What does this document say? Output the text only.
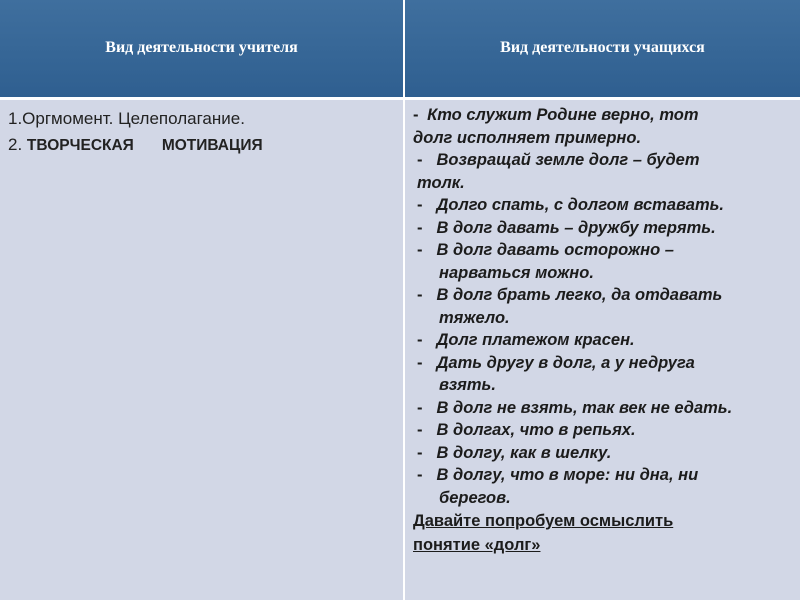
Вид деятельности учителя	Вид деятельности учащихся
1.Оргмомент. Целеполагание.
2. ТВОРЧЕСКАЯ МОТИВАЦИЯ
- Кто служит Родине верно, тот
долг исполняет примерно.
- Возвращай земле долг – будет
толк.
- Долго спать, с долгом вставать.
- В долг давать – дружбу терять.
- В долг давать осторожно –
нарваться можно.
- В долг брать легко, да отдавать
тяжело.
- Долг платежом красен.
- Дать другу в долг, а у недруга
взять.
- В долг не взять, так век не едать.
- В долгах, что в репьях.
- В долгу, как в шелку.
- В долгу, что в море: ни дна, ни
берегов.
Давайте попробуем осмыслить
понятие «долг»
